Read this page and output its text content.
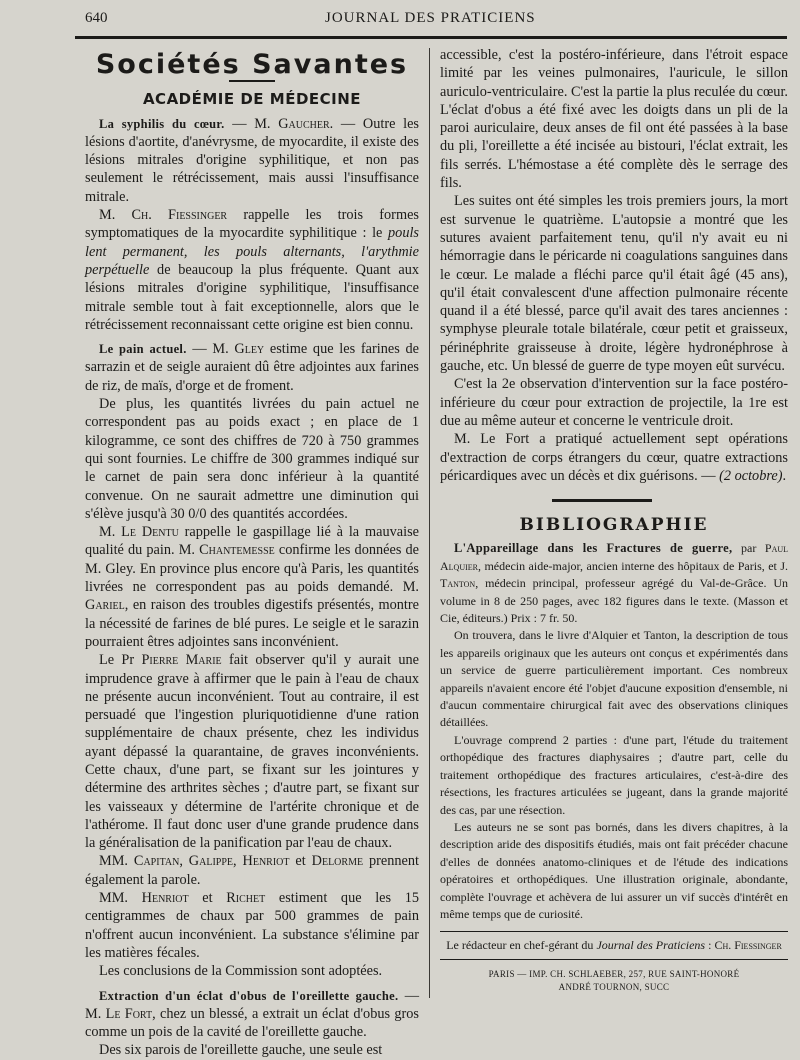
640	JOURNAL DES PRATICIENS
Sociétés Savantes
ACADÉMIE DE MÉDECINE

La syphilis du cœur. — M. Gaucher. — Outre les lésions d'aortite, d'anévrysme, de myocardite, il existe des lésions mitrales d'origine syphilitique, et non pas seulement le rétrécissement, mais aussi l'insuffisance mitrale.

M. Ch. Fiessinger rappelle les trois formes symptomatiques de la myocardite syphilitique : le pouls lent permanent, les pouls alternants, l'arythmie perpétuelle de beaucoup la plus fréquente. Quant aux lésions mitrales d'origine syphilitique, l'insuffisance mitrale semble tout à fait exceptionnelle, alors que le rétrécissement reconnaissant cette origine est bien connu.

Le pain actuel. — M. Gley estime que les farines de sarrazin et de seigle auraient dû être adjointes aux farines de riz, de maïs, d'orge et de froment.

De plus, les quantités livrées du pain actuel ne correspondent pas au poids exact ; en place de 1 kilogramme, ce sont des chiffres de 720 à 750 grammes qui sont fournies. Le chiffre de 300 grammes indiqué sur le carnet de pain sera donc inférieur à la quantité convenue. On ne saurait admettre une diminution qui s'élève jusqu'à 30 0/0 des quantités accordées.

M. Le Dentu rappelle le gaspillage lié à la mauvaise qualité du pain. M. Chantemesse confirme les données de M. Gley. En province plus encore qu'à Paris, les quantités livrées ne correspondent pas au poids demandé. M. Gariel, en raison des troubles digestifs présentés, montre la nécessité de farines de blé pures. Le seigle et le sarazin pourraient êtres adjointes sans inconvénient.

Le Pr Pierre Marie fait observer qu'il y aurait une imprudence grave à affirmer que le pain à l'eau de chaux ne présente aucun inconvénient. Tout au contraire, il est persuadé que l'ingestion pluriquotidienne d'une ration supplémentaire de chaux présente, chez les individus ayant dépassé la quarantaine, de graves inconvénients. Cette chaux, d'une part, se fixant sur les jointures y détermine des arthrites sèches ; d'autre part, se fixant sur les vaisseaux y détermine de l'artérite chronique et de l'athérome. Il faut donc user d'une grande prudence dans la généralisation de la panification par l'eau de chaux.

MM. Capitan, Galippe, Henriot et Delorme prennent également la parole.

MM. Henriot et Richet estiment que les 15 centigrammes de chaux par 500 grammes de pain n'offrent aucun inconvénient. La substance s'élimine par les matières fécales.

Les conclusions de la Commission sont adoptées.

Extraction d'un éclat d'obus de l'oreillette gauche. — M. Le Fort, chez un blessé, a extrait un éclat d'obus gros comme un pois de la cavité de l'oreillette gauche.

Des six parois de l'oreillette gauche, une seule est

accessible, c'est la postéro-inférieure, dans l'étroit espace limité par les veines pulmonaires, l'auricule, le sillon auriculo-ventriculaire. C'est la partie la plus reculée du cœur. L'éclat d'obus a été fixé avec les doigts dans un pli de la paroi auriculaire, deux anses de fil ont été passées à la base du pli, l'oreillette a été incisée au bistouri, l'éclat extrait, les fils serrés. L'hémostase a été complète dès le serrage des fils.

Les suites ont été simples les trois premiers jours, la mort est survenue le quatrième. L'autopsie a montré que les sutures avaient parfaitement tenu, qu'il n'y avait eu ni hémorragie dans le péricarde ni coagulations sanguines dans le cœur. Le malade a fléchi parce qu'il était âgé (45 ans), qu'il était convalescent d'une affection pulmonaire récente quand il a été blessé, parce qu'il avait des tares anciennes : symphyse pleurale totale bilatérale, cœur petit et graisseux, périnéphrite graisseuse à droite, légère hydronéphrose à gauche, etc. Un blessé de guerre de type moyen eût survécu.

C'est la 2e observation d'intervention sur la face postéro-inférieure du cœur pour extraction de projectile, la 1re est due au même auteur et concerne le ventricule droit.

M. Le Fort a pratiqué actuellement sept opérations d'extraction de corps étrangers du cœur, quatre extractions péricardiques avec un décès et dix guérisons. — (2 octobre).

BIBLIOGRAPHIE

L'Appareillage dans les Fractures de guerre, par Paul Alquier, médecin aide-major, ancien interne des hôpitaux de Paris, et J. Tanton, médecin principal, professeur agrégé du Val-de-Grâce. Un volume in 8 de 250 pages, avec 182 figures dans le texte. (Masson et Cie, éditeurs.) Prix : 7 fr. 50.

On trouvera, dans le livre d'Alquier et Tanton, la description de tous les appareils originaux que les auteurs ont conçus et expérimentés dans un service de guerre particulièrement important. Ces nombreux appareils n'avaient encore été l'objet d'aucune exposition d'ensemble, ni d'aucun commentaire chirurgical fait avec des observations cliniques détaillées.

L'ouvrage comprend 2 parties : d'une part, l'étude du traitement orthopédique des fractures diaphysaires ; d'autre part, celle du traitement orthopédique des fractures articulaires, c'est-à-dire des résections, les fractures articulées se jugeant, dans la grande majorité des cas, par une résection.

Les auteurs ne se sont pas bornés, dans les divers chapitres, à la description aride des dispositifs étudiés, mais ont fait précéder chacune d'elles de données anatomo-cliniques et de l'étude des indications opératoires et orthopédiques. Une illustration originale, abondante, complète l'ouvrage et achèvera de lui assurer un vif succès d'intérêt en même temps que de curiosité.

Le rédacteur en chef-gérant du Journal des Praticiens : Ch. Fiessinger
PARIS — IMP. CH. SCHLAEBER, 257, RUE SAINT-HONORÉ
ANDRÉ TOURNON, SUCC
